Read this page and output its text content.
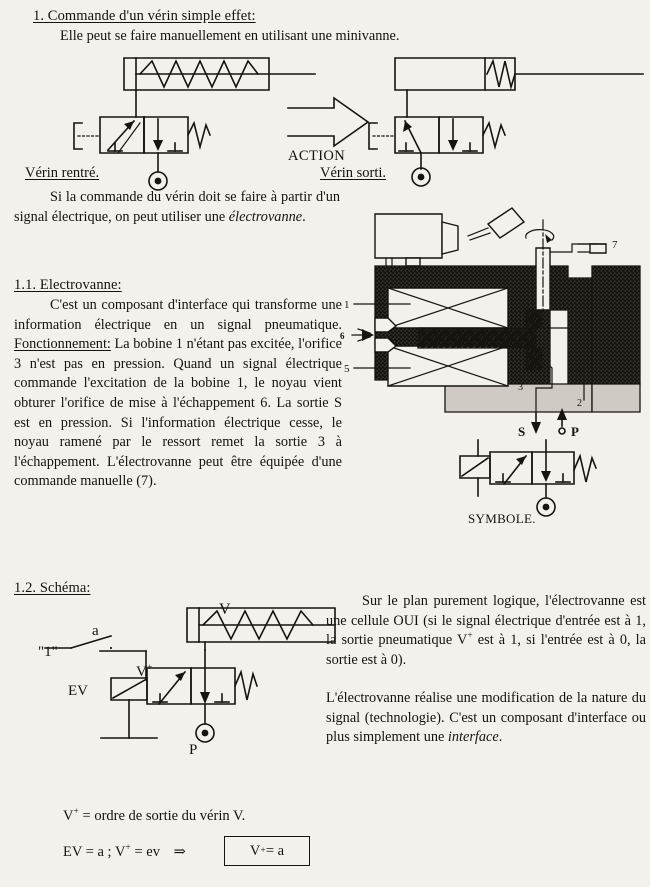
1. Commande d'un vérin simple effet:
Elle peut se faire manuellement en utilisant une minivanne.
ACTION
Vérin rentré.	Vérin sorti.
Si la commande du vérin doit se faire à partir d'un signal électrique, on peut utiliser une électrovanne.
1.1. Electrovanne:
C'est un composant d'interface qui transforme une information électrique en un signal pneumatique. Fonctionnement: La bobine 1 n'étant pas excitée, l'orifice 3 n'est pas en pression. Quand un signal électrique commande l'excitation de la bobine 1, le noyau vient obturer l'orifice de mise à l'échappement 6. La sortie S est en pression. Si l'information électrique cesse, le noyau ramené par le ressort remet la sortie 3 à l'échappement. L'électrovanne peut être équipée d'une commande manuelle (7).
1
5
6
7
3
2
S	P
SYMBOLE.
1.2. Schéma:
"1"
a
EV
V+
V
P
Sur le plan purement logique, l'électrovanne est une cellule OUI (si le signal électrique d'entrée est à 1, la sortie pneumatique V+ est à 1, si l'entrée est à 0, la sortie est à 0).
L'électrovanne réalise une modification de la nature du signal (technologie). C'est un composant d'interface ou plus simplement une interface.
V+ = ordre de sortie du vérin V.
EV = a ; V+ = ev ⇒	V + = a
